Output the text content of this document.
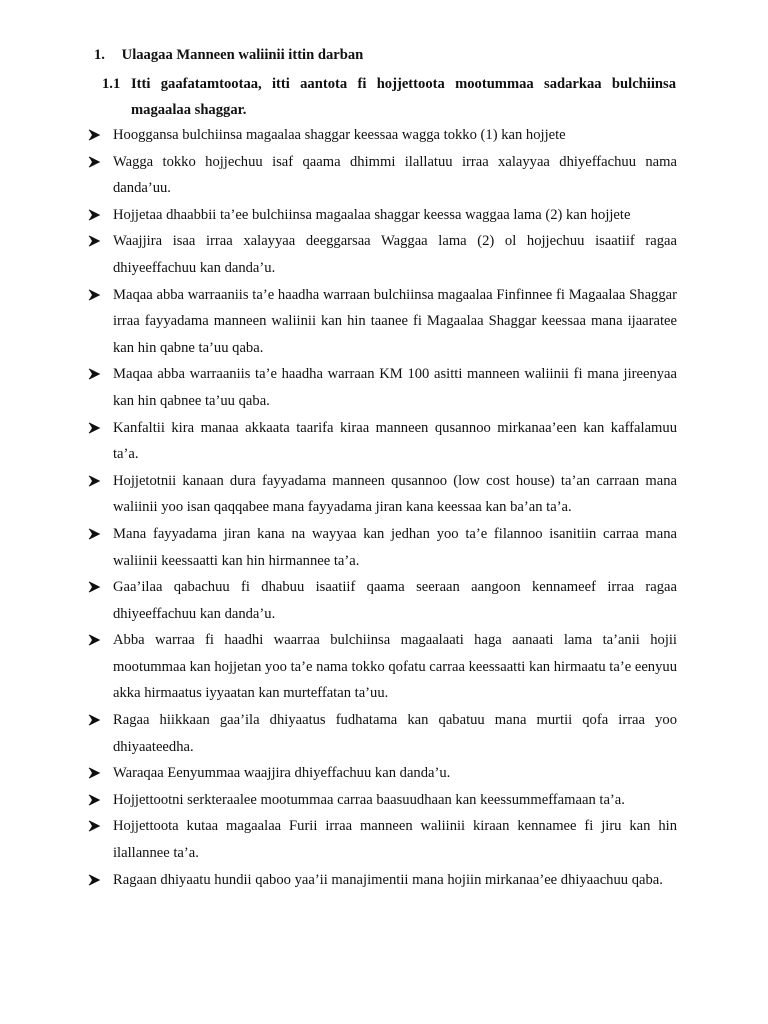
1. Ulaagaa Manneen waliinii ittin darban
1.1 Itti gaafatamtootaa, itti aantota fi hojjettoota mootummaa sadarkaa bulchiinsa magaalaa shaggar.
Hooggansa bulchiinsa magaalaa shaggar keessaa wagga tokko (1) kan hojjete
Wagga tokko hojjechuu isaf qaama dhimmi ilallatuu irraa xalayyaa dhiyeffachuu nama danda’uu.
Hojjetaa dhaabbii ta’ee bulchiinsa magaalaa shaggar keessa waggaa lama (2) kan hojjete
Waajjira isaa irraa xalayyaa deeggarsaa Waggaa lama (2) ol hojjechuu isaatiif ragaa dhiyeeffachuu kan danda’u.
Maqaa abba warraaniis ta’e haadha warraan bulchiinsa magaalaa Finfinnee fi Magaalaa Shaggar irraa fayyadama manneen waliinii kan hin taanee fi Magaalaa Shaggar keessaa mana ijaaratee kan hin qabne ta’uu qaba.
Maqaa abba warraaniis ta’e haadha warraan KM 100 asitti manneen waliinii fi mana jireenyaa kan hin qabnee ta’uu qaba.
Kanfaltii kira manaa akkaata taarifa kiraa manneen qusannoo mirkanaa’een kan kaffalamuu ta’a.
Hojjetotnii kanaan dura fayyadama manneen qusannoo (low cost house) ta’an carraan mana waliinii yoo isan qaqqabee mana fayyadama jiran kana keessaa kan ba’an ta’a.
Mana fayyadama jiran kana na wayyaa kan jedhan yoo ta’e filannoo isanitiin carraa mana waliinii keessaatti kan hin hirmannee ta’a.
Gaa’ilaa qabachuu fi dhabuu isaatiif qaama seeraan aangoon kennameef irraa ragaa dhiyeeffachuu kan danda’u.
Abba warraa fi haadhi waarraa bulchiinsa magaalaati haga aanaati lama ta’anii hojii mootummaa kan hojjetan yoo ta’e nama tokko qofatu carraa keessaatti kan hirmaatu ta’e eenyuu akka hirmaatus iyyaatan kan murteffatan ta’uu.
Ragaa hiikkaan gaa’ila dhiyaatus fudhatama kan qabatuu mana murtii qofa irraa yoo dhiyaateedha.
Waraqaa Eenyummaa waajjira dhiyeffachuu kan danda’u.
Hojjettootni serkteraalee mootummaa carraa baasuudhaan kan keessummeffamaan ta’a.
Hojjettoota kutaa magaalaa Furii irraa manneen waliinii kiraan kennamee fi jiru kan hin ilallannee ta’a.
Ragaan dhiyaatu hundii qaboo yaa’ii manajimentii mana hojiin mirkanaa’ee dhiyaachuu qaba.
